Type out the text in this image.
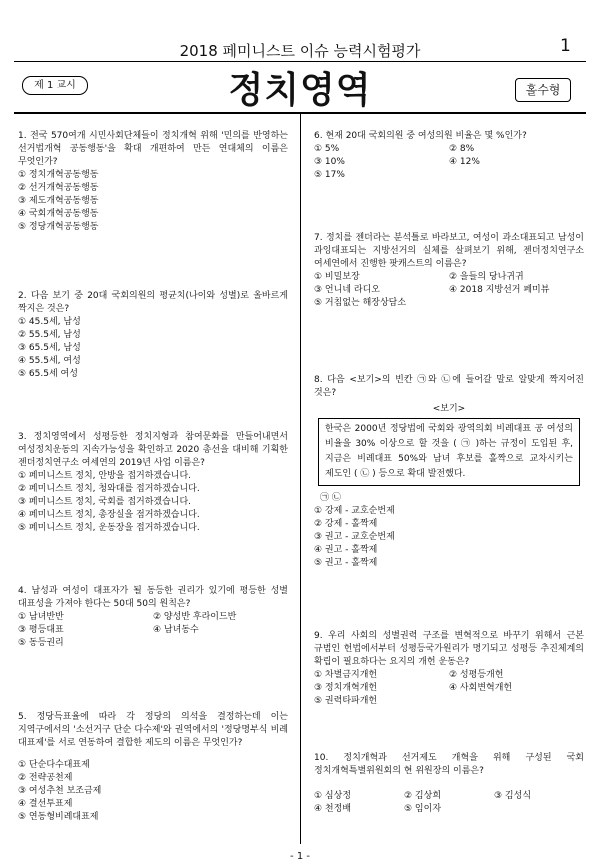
2018 페미니스트 이슈 능력시험평가	1
제 1 교시	정치영역	홀수형
1. 전국 570여개 시민사회단체들이 정치개혁 위해 '민의를 반영하는 선거법개혁 공동행동'을 확대 개편하여 만든 연대체의 이름은 무엇인가?
① 정치개혁공동행동
② 선거개혁공동행동
③ 제도개혁공동행동
④ 국회개혁공동행동
⑤ 정당개혁공동행동
2. 다음 보기 중 20대 국회의원의 평균치(나이와 성별)로 올바르게 짝지은 것은?
① 45.5세, 남성
② 55.5세, 남성
③ 65.5세, 남성
④ 55.5세, 여성
⑤ 65.5세 여성
3. 정치영역에서 성평등한 정치지형과 참여문화를 만들어내면서 여성정치운동의 지속가능성을 확인하고 2020 총선을 대비해 기획한 젠더정치연구소 여세연의 2019년 사업 이름은?
① 페미니스트 정치, 안방을 접거하겠습니다.
② 페미니스트 정치, 청와대를 접거하겠습니다.
③ 페미니스트 정치, 국회를 접거하겠습니다.
④ 페미니스트 정치, 총장실을 점거하겠습니다.
⑤ 페미니스트 정치, 운동장을 접거하겠습니다.
4. 남성과 여성이 대표자가 될 동등한 권리가 있기에 평등한 성별 대표성을 가져야 한다는 50대 50의 원칙은?
① 남녀반반	② 양성반 후라이드반
③ 평등대표	④ 남녀동수
⑤ 동등권리
5. 정당득표율에 따라 각 정당의 의석을 결정하는데 이는 지역구에서의 '소선거구 단순 다수제'와 권역에서의 '정당명부식 비례 대표제'를 서로 연동하여 결합한 제도의 이름은 무엇인가?
① 단순다수대표제
② 전략공천제
③ 여성추천 보조금제
④ 결선투표제
⑤ 연동형비례대표제
6. 현재 20대 국회의원 중 여성의원 비율은 몇 %인가?
① 5%	② 8%
③ 10%	④ 12%
⑤ 17%
7. 정치를 젠더라는 분석틀로 바라보고, 여성이 과소대표되고 남성이 과잉대표되는 지방선거의 실체를 살펴보기 위해, 젠더정치연구소 여세연에서 진행한 팟캐스트의 이름은?
① 비밀보장	② 을들의 당나귀귀
③ 언니네 라디오	④ 2018 지방선거 페미뷰
⑤ 거침없는 해장상담소
8. 다음 <보기>의 빈칸 ㉠와 ㉡에 들어갈 말로 알맞게 짝지어진 것은?
<보기>
한국은 2000년 정당법에 국회와 광역의회 비례대표 공 여성의 비율을 30% 이상으로 할 것을 ( ㉠ )하는 규정이 도입된 후, 지금은 비례대표 50%와 남녀 후보를 홀짝으로 교차시키는 제도인 ( ㉡ ) 등으로 확대 발전했다.
㉠ ㉡
① 강제 - 교호순번제
② 강제 - 홀짝제
③ 권고 - 교호순번제
④ 권고 - 홀짝제
⑤ 권고 - 홀짝제
9. 우리 사회의 성별권력 구조를 변혁적으로 바꾸기 위해서 근본 규범인 헌법에서부터 성평등국가원리가 명기되고 성평등 추진체계의 확립이 필요하다는 요지의 개헌 운동은?
① 차별금지개헌	② 성평등개헌
③ 정치개혁개헌	④ 사회변혁개헌
⑤ 권력타파개헌
10. 정치개혁과 선거제도 개혁을 위해 구성된 국회 정치개혁특별위원회의 현 위원장의 이름은?
① 심상정	② 김상희	③ 김성식
④ 천정배	⑤ 임이자
- 1 -
